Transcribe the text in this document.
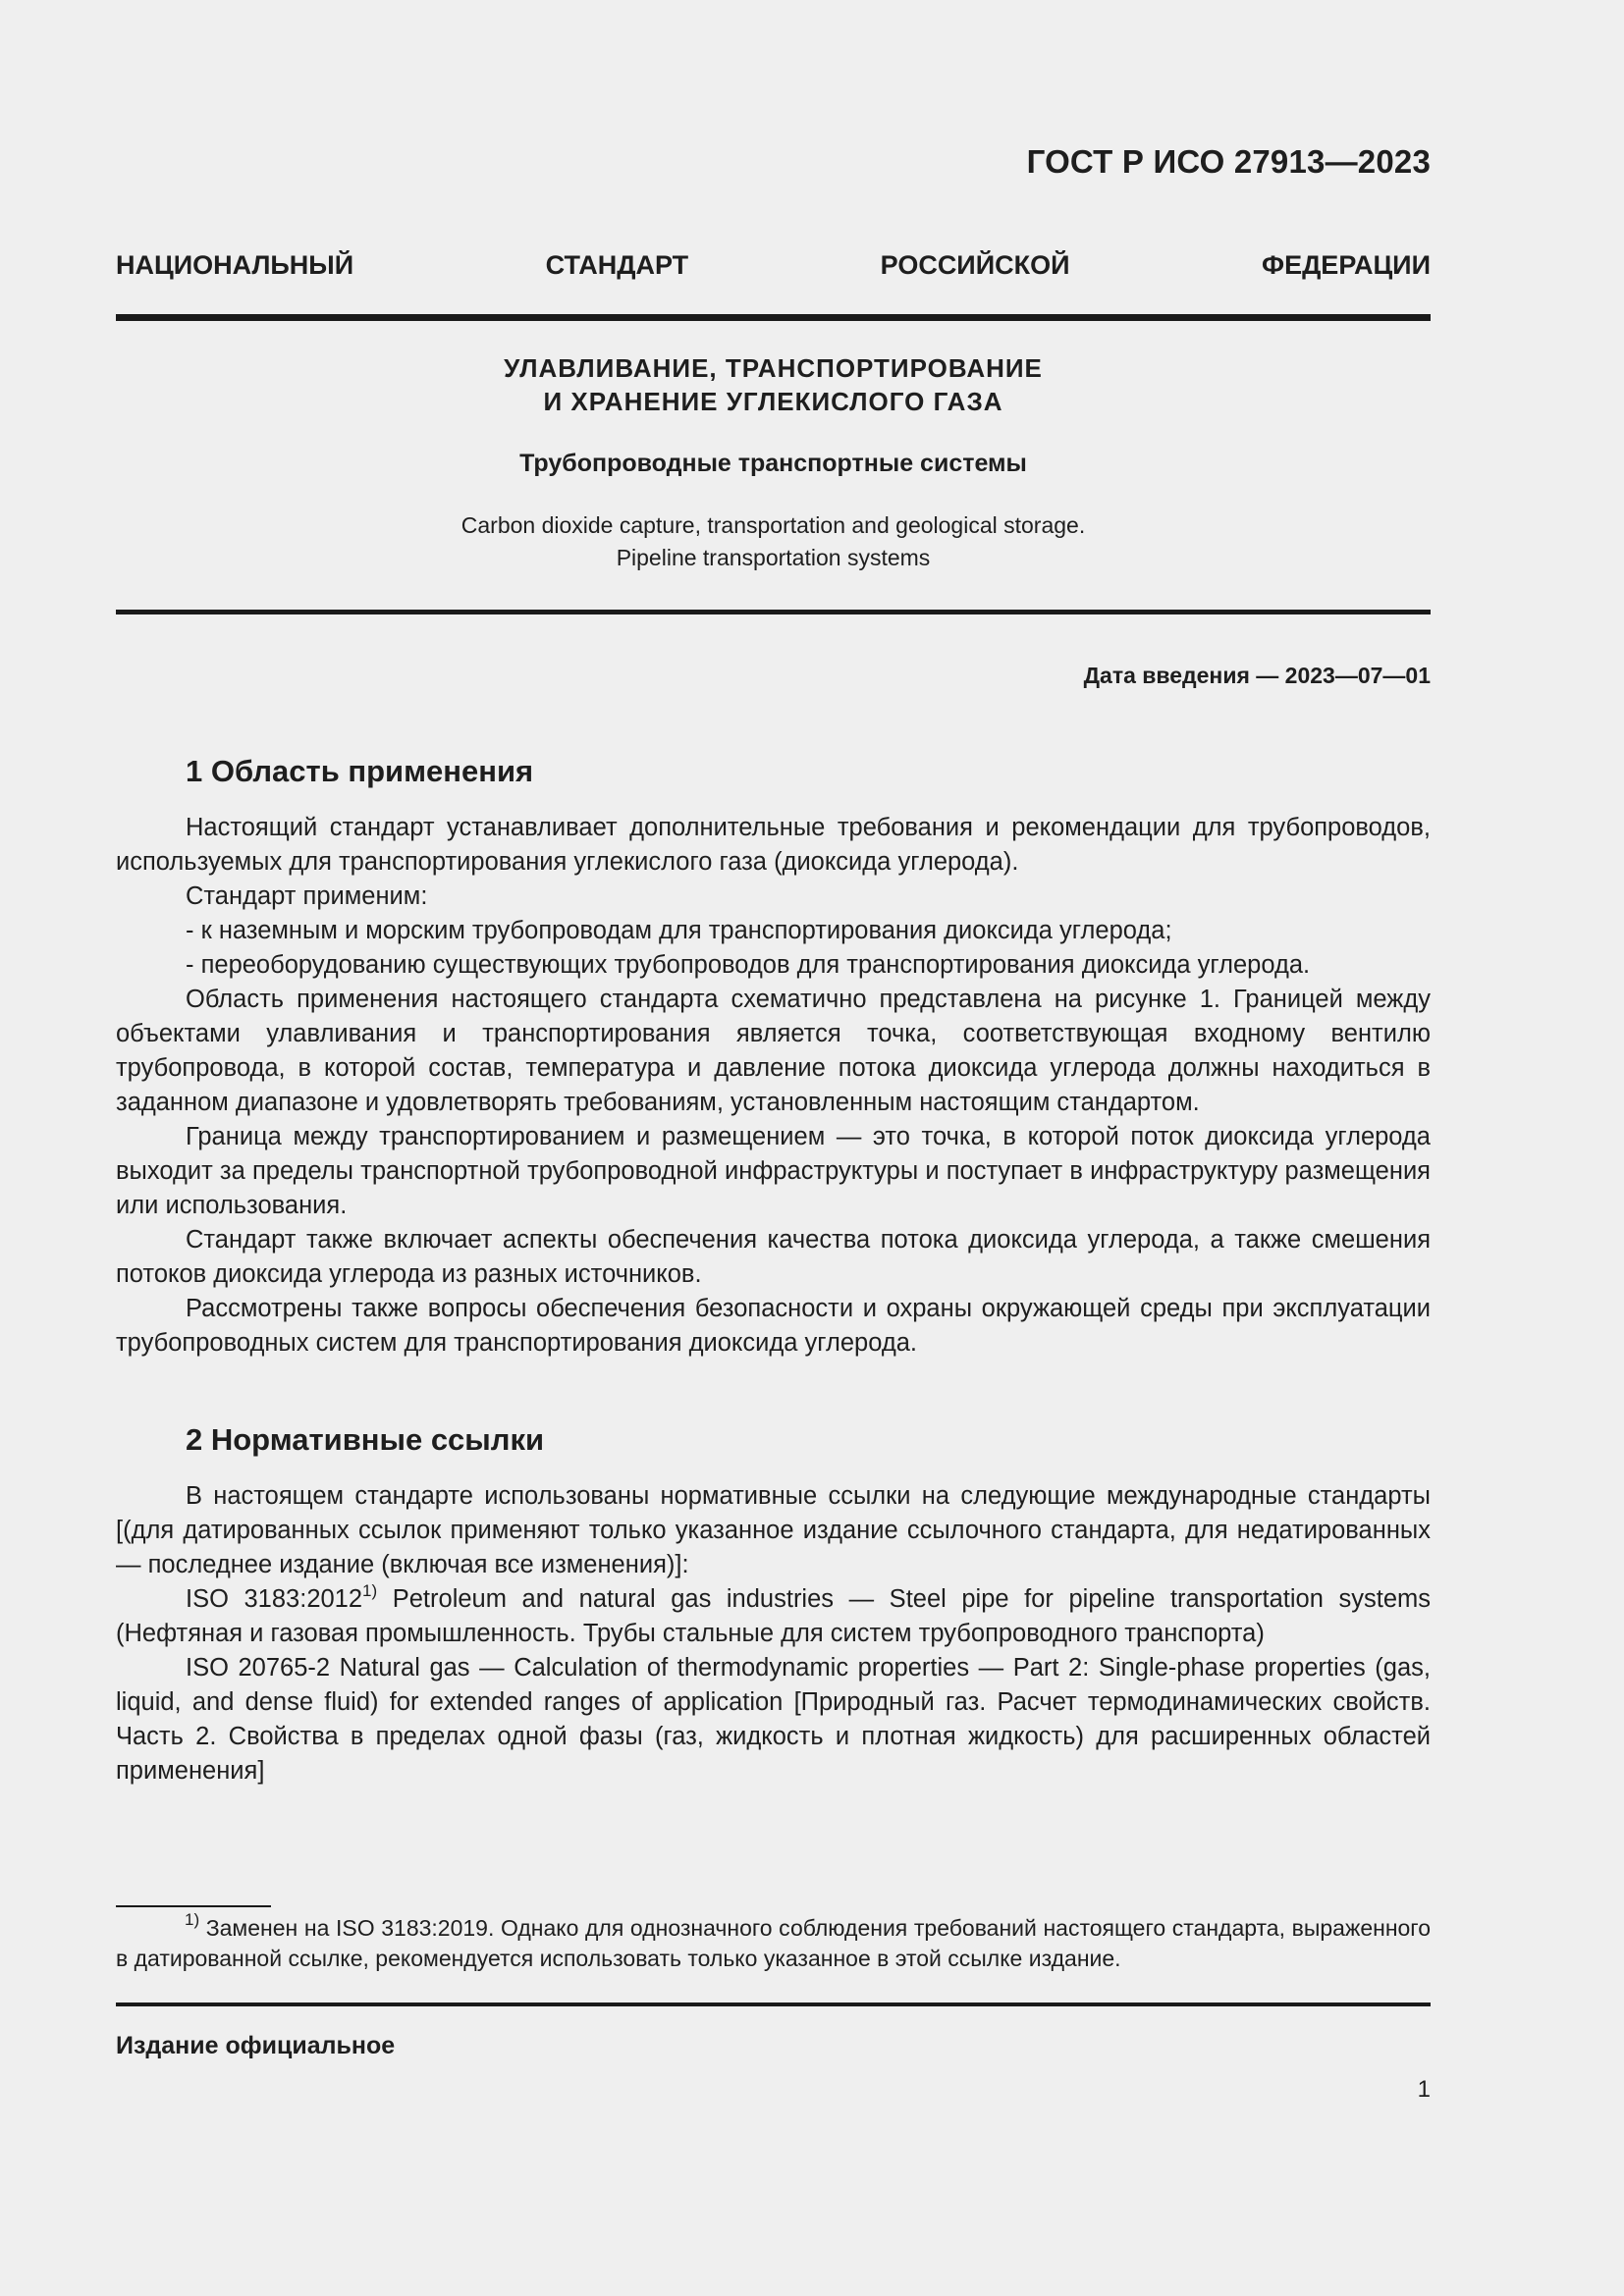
ГОСТ Р ИСО 27913—2023
НАЦИОНАЛЬНЫЙ СТАНДАРТ РОССИЙСКОЙ ФЕДЕРАЦИИ
УЛАВЛИВАНИЕ, ТРАНСПОРТИРОВАНИЕ
И ХРАНЕНИЕ УГЛЕКИСЛОГО ГАЗА
Трубопроводные транспортные системы
Carbon dioxide capture, transportation and geological storage.
Pipeline transportation systems
Дата введения — 2023—07—01
1 Область применения

Настоящий стандарт устанавливает дополнительные требования и рекомендации для трубопроводов, используемых для транспортирования углекислого газа (диоксида углерода).

Стандарт применим:

- к наземным и морским трубопроводам для транспортирования диоксида углерода;

- переоборудованию существующих трубопроводов для транспортирования диоксида углерода.

Область применения настоящего стандарта схематично представлена на рисунке 1. Границей между объектами улавливания и транспортирования является точка, соответствующая входному вентилю трубопровода, в которой состав, температура и давление потока диоксида углерода должны находиться в заданном диапазоне и удовлетворять требованиям, установленным настоящим стандартом.

Граница между транспортированием и размещением — это точка, в которой поток диоксида углерода выходит за пределы транспортной трубопроводной инфраструктуры и поступает в инфраструктуру размещения или использования.

Стандарт также включает аспекты обеспечения качества потока диоксида углерода, а также смешения потоков диоксида углерода из разных источников.

Рассмотрены также вопросы обеспечения безопасности и охраны окружающей среды при эксплуатации трубопроводных систем для транспортирования диоксида углерода.

2 Нормативные ссылки

В настоящем стандарте использованы нормативные ссылки на следующие международные стандарты [(для датированных ссылок применяют только указанное издание ссылочного стандарта, для недатированных — последнее издание (включая все изменения)]:

ISO 3183:2012$^{1)}$ Petroleum and natural gas industries — Steel pipe for pipeline transportation systems (Нефтяная и газовая промышленность. Трубы стальные для систем трубопроводного транспорта)

ISO 20765-2 Natural gas — Calculation of thermodynamic properties — Part 2: Single-phase properties (gas, liquid, and dense fluid) for extended ranges of application [Природный газ. Расчет термодинамических свойств. Часть 2. Свойства в пределах одной фазы (газ, жидкость и плотная жидкость) для расширенных областей применения]

$^{1)}$ Заменен на ISO 3183:2019. Однако для однозначного соблюдения требований настоящего стандарта, выраженного в датированной ссылке, рекомендуется использовать только указанное в этой ссылке издание.

Издание официальное
1
